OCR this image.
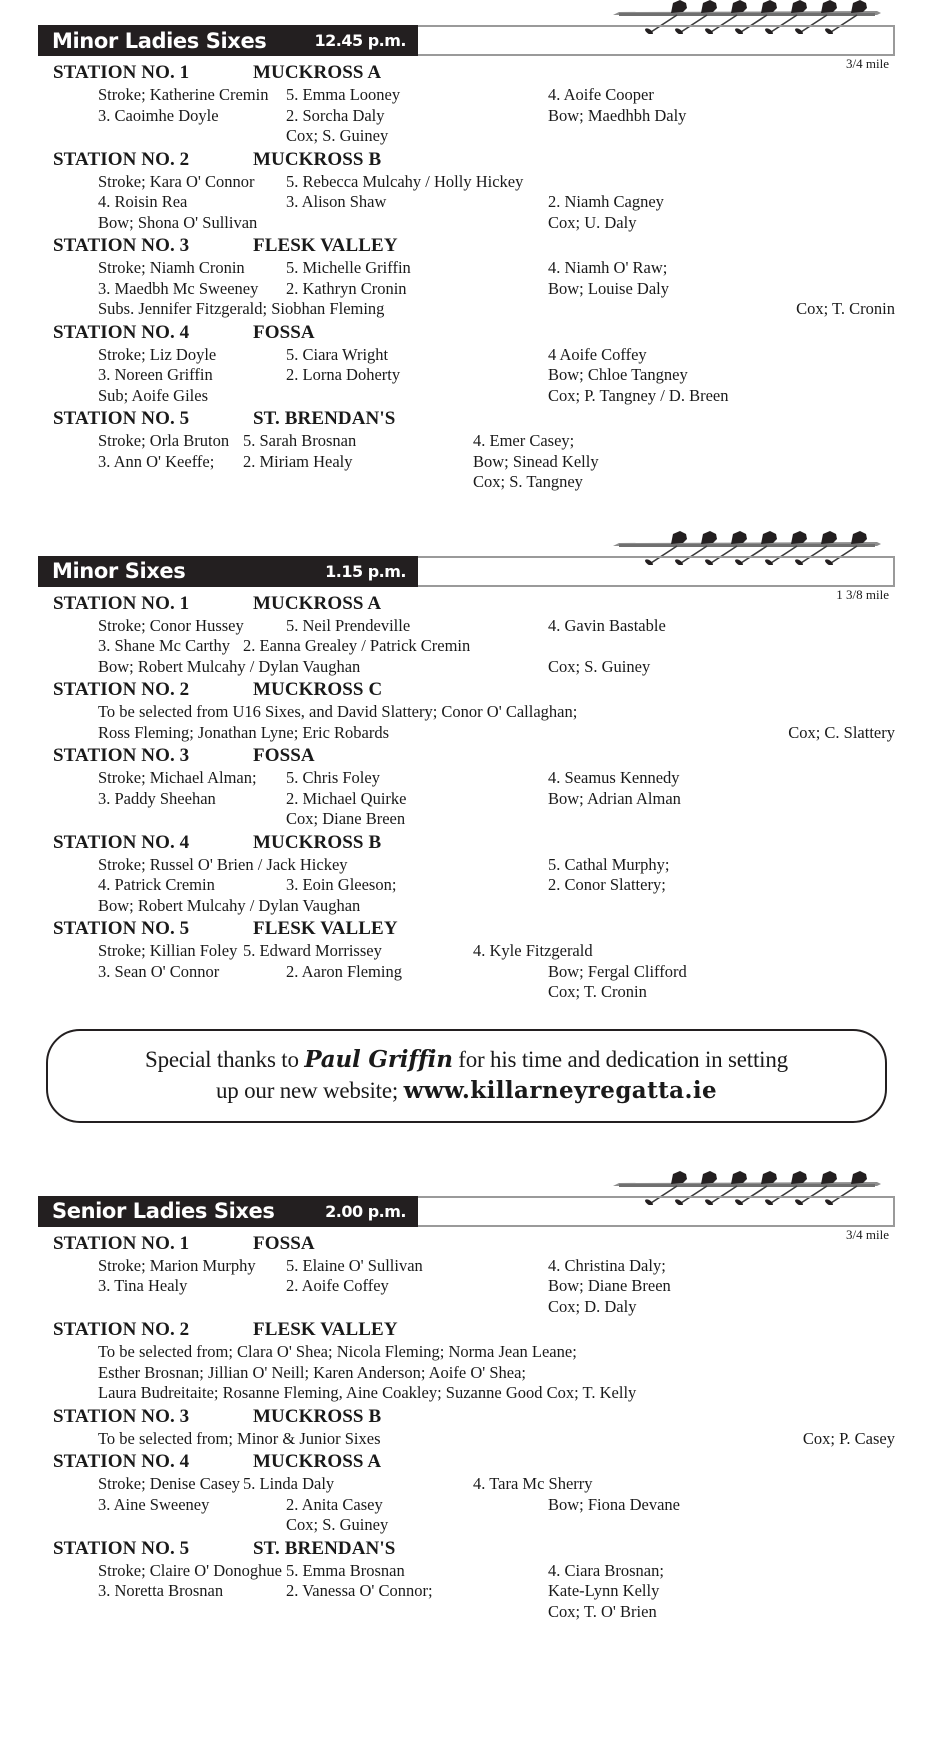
Minor Ladies Sixes	12.45 p.m.
3/4 mile
STATION NO. 1	MUCKROSS A
Stroke; Katherine Cremin	5. Emma Looney	4. Aoife Cooper
3. Caoimhe Doyle	2. Sorcha Daly	Bow; Maedhbh Daly
Cox; S. Guiney
STATION NO. 2	MUCKROSS B
Stroke; Kara O' Connor	5. Rebecca Mulcahy / Holly Hickey
4. Roisin Rea	3. Alison Shaw	2. Niamh Cagney
Bow; Shona O' Sullivan	Cox; U. Daly
STATION NO. 3	FLESK VALLEY
Stroke; Niamh Cronin	5. Michelle Griffin	4. Niamh O' Raw;
3. Maedbh Mc Sweeney	2. Kathryn Cronin	Bow; Louise Daly
Subs. Jennifer Fitzgerald; Siobhan Fleming	Cox; T. Cronin
STATION NO. 4	FOSSA
Stroke; Liz Doyle	5. Ciara Wright	4 Aoife Coffey
3. Noreen Griffin	2. Lorna Doherty	Bow; Chloe Tangney
Sub; Aoife Giles	Cox; P. Tangney / D. Breen
STATION NO. 5	ST. BRENDAN'S
Stroke; Orla Bruton 5. Sarah Brosnan	4. Emer Casey;
3. Ann O' Keeffe;	2. Miriam Healy	Bow; Sinead Kelly
Cox; S. Tangney
Minor Sixes	1.15 p.m.
1 3/8 mile
STATION NO. 1	MUCKROSS A
Stroke; Conor Hussey	5. Neil Prendeville	4. Gavin Bastable
3. Shane Mc Carthy 2. Eanna Grealey / Patrick Cremin
Bow; Robert Mulcahy / Dylan Vaughan	Cox; S. Guiney
STATION NO. 2	MUCKROSS C
To be selected from U16 Sixes, and David Slattery; Conor O' Callaghan;
Ross Fleming; Jonathan Lyne; Eric Robards	Cox; C. Slattery
STATION NO. 3	FOSSA
Stroke; Michael Alman;	5. Chris Foley	4. Seamus Kennedy
3. Paddy Sheehan	2. Michael Quirke	Bow; Adrian Alman
Cox; Diane Breen
STATION NO. 4	MUCKROSS B
Stroke; Russel O' Brien / Jack Hickey	5. Cathal Murphy;
4. Patrick Cremin	3. Eoin Gleeson;	2. Conor Slattery;
Bow; Robert Mulcahy / Dylan Vaughan
STATION NO. 5	FLESK VALLEY
Stroke; Killian Foley 5. Edward Morrissey	4. Kyle Fitzgerald
3. Sean O' Connor	2. Aaron Fleming	Bow; Fergal Clifford
Cox; T. Cronin
Special thanks to Paul Griffin for his time and dedication in setting
up our new website; www.killarneyregatta.ie
Senior Ladies Sixes	2.00 p.m.
3/4 mile
STATION NO. 1	FOSSA
Stroke; Marion Murphy	5. Elaine O' Sullivan	4. Christina Daly;
3. Tina Healy	2. Aoife Coffey	Bow; Diane Breen
Cox; D. Daly
STATION NO. 2	FLESK VALLEY
To be selected from; Clara O' Shea; Nicola Fleming; Norma Jean Leane;
Esther Brosnan; Jillian O' Neill; Karen Anderson; Aoife O' Shea;
Laura Budreitaite; Rosanne Fleming, Aine Coakley; Suzanne Good Cox; T. Kelly
STATION NO. 3	MUCKROSS B
To be selected from; Minor & Junior Sixes	Cox; P. Casey
STATION NO. 4	MUCKROSS A
Stroke; Denise Casey 5. Linda Daly	4. Tara Mc Sherry
3. Aine Sweeney	2. Anita Casey	Bow; Fiona Devane
Cox; S. Guiney
STATION NO. 5	ST. BRENDAN'S
Stroke; Claire O' Donoghue 5. Emma Brosnan	4. Ciara Brosnan;
3. Noretta Brosnan	2. Vanessa O' Connor;	Kate-Lynn Kelly
Cox; T. O' Brien
